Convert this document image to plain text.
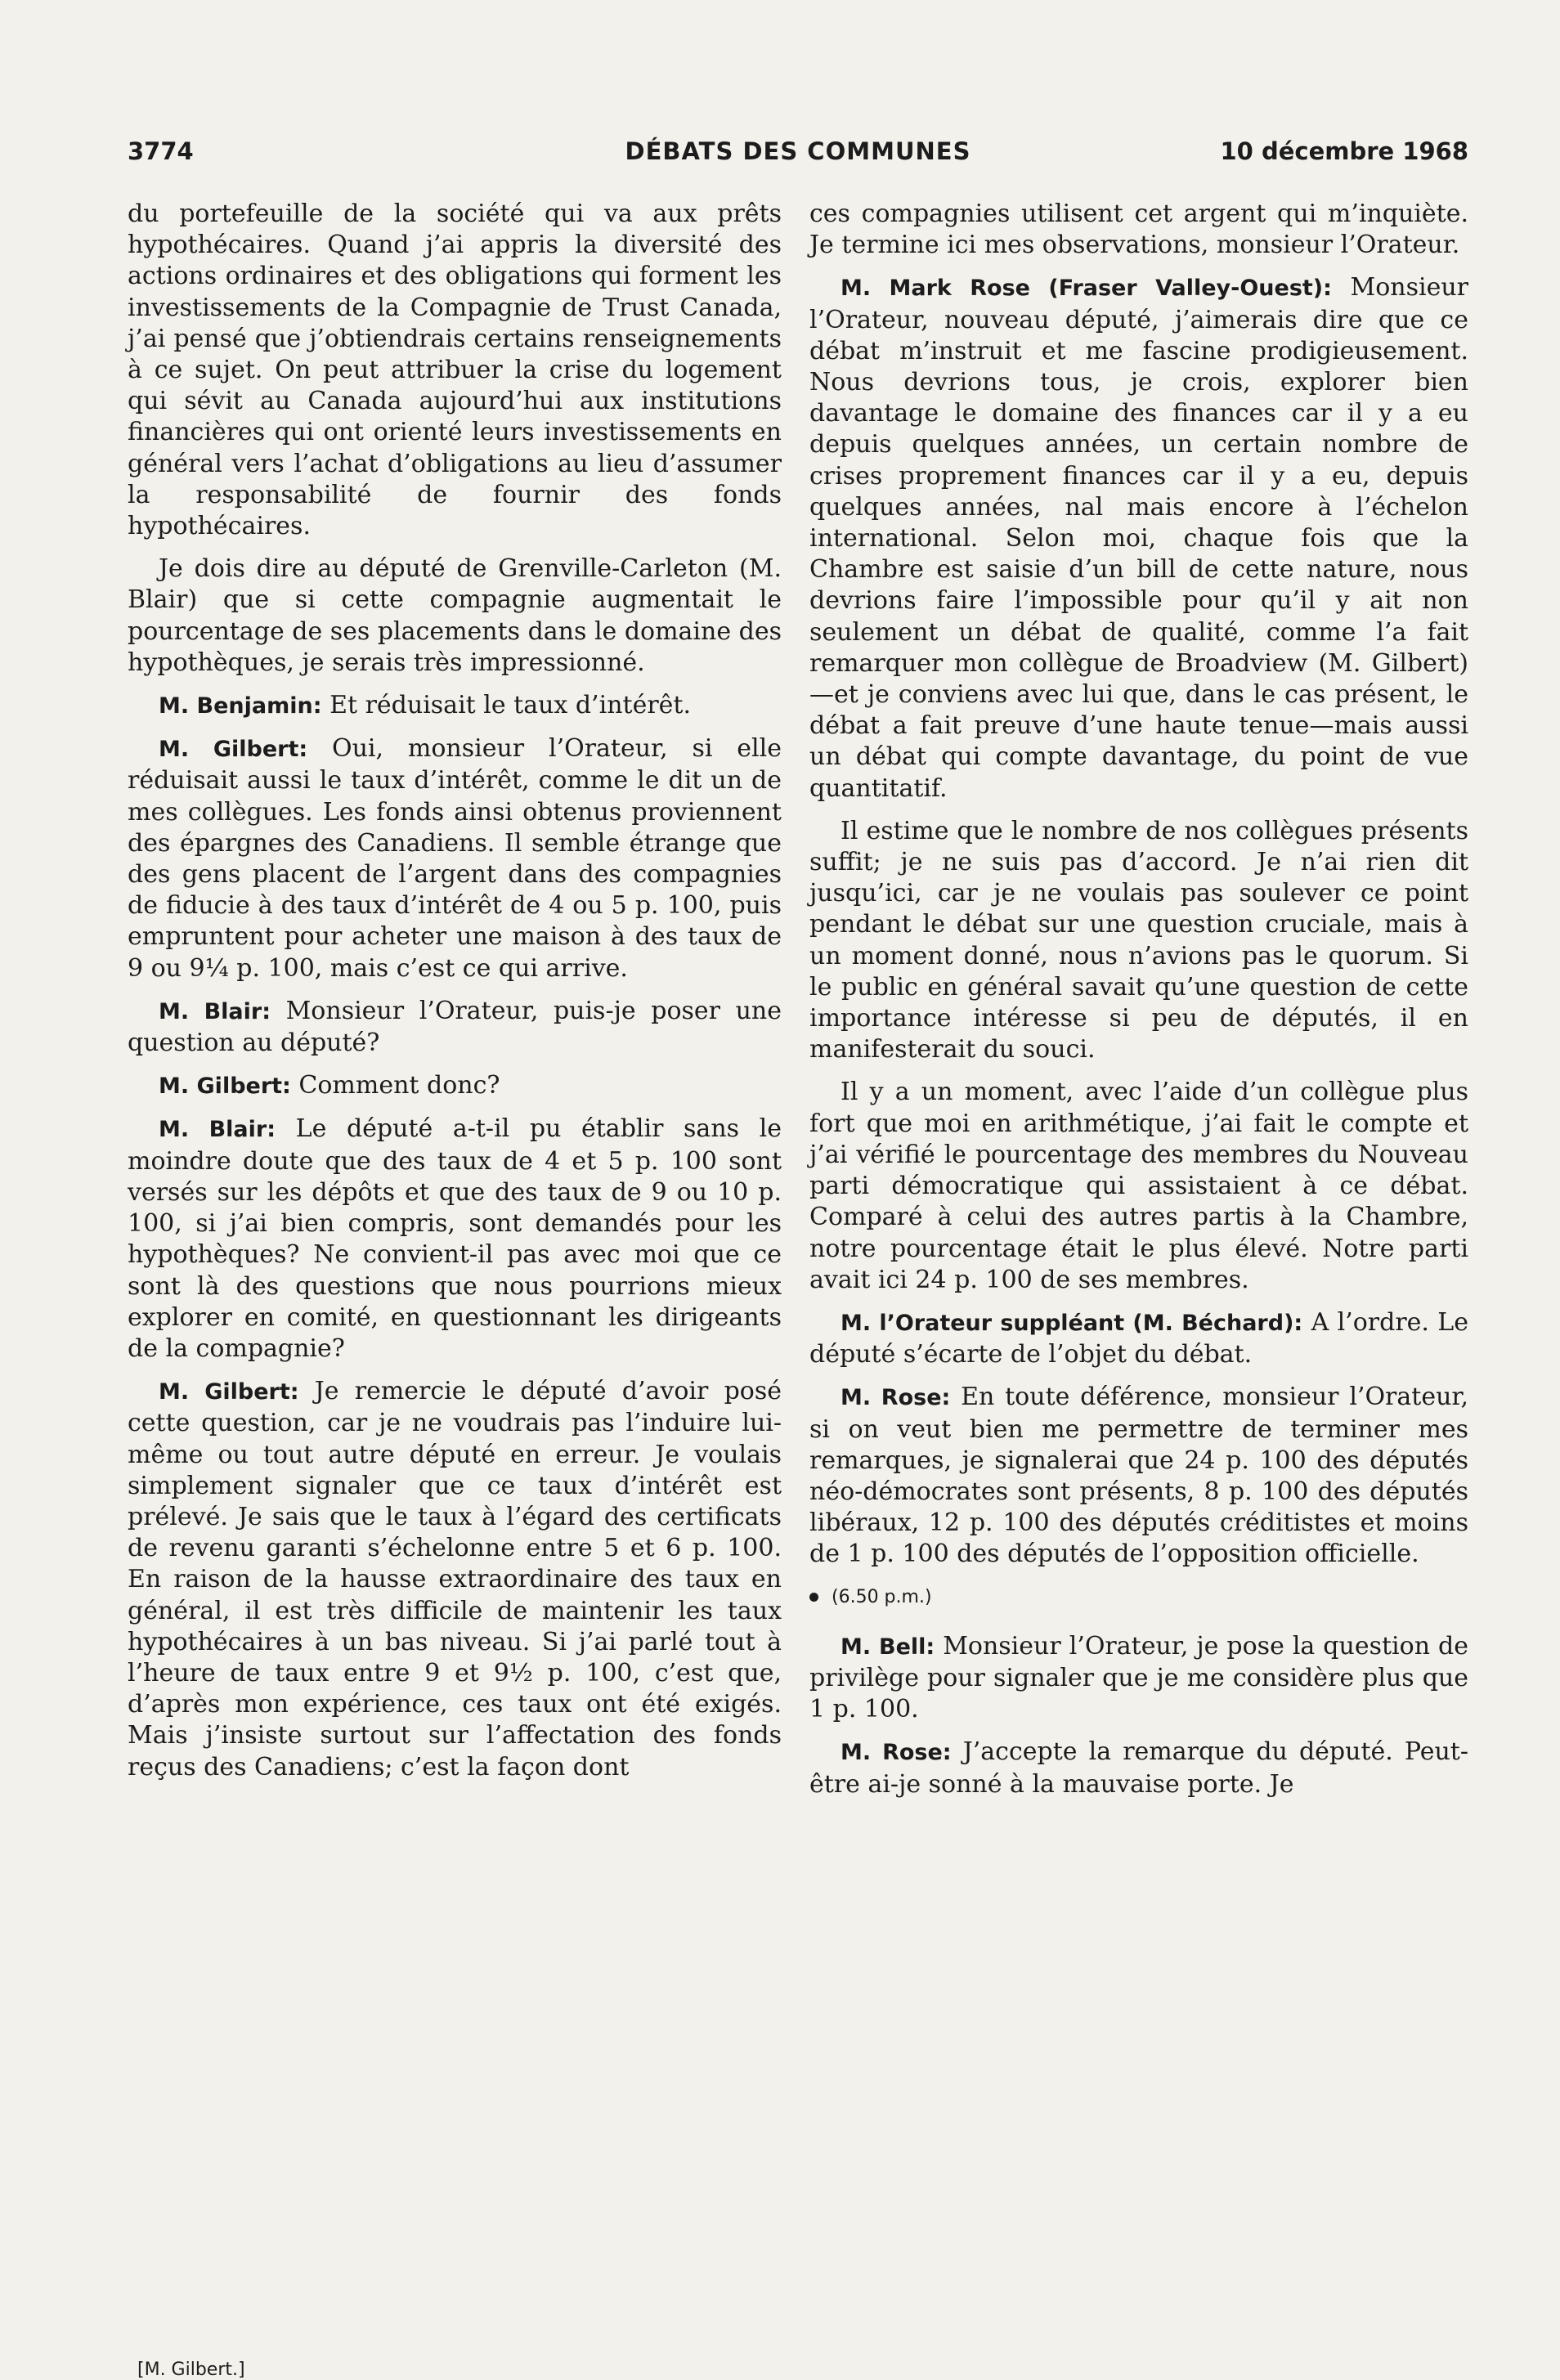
3774	DÉBATS DES COMMUNES	10 décembre 1968

du portefeuille de la société qui va aux prêts hypothécaires. Quand j’ai appris la diversité des actions ordinaires et des obligations qui forment les investissements de la Compagnie de Trust Canada, j’ai pensé que j’obtiendrais certains renseignements à ce sujet. On peut attribuer la crise du logement qui sévit au Canada aujourd’hui aux institutions financières qui ont orienté leurs investissements en général vers l’achat d’obligations au lieu d’assumer la responsabilité de fournir des fonds hypothécaires.

Je dois dire au député de Grenville-Carleton (M. Blair) que si cette compagnie augmentait le pourcentage de ses placements dans le domaine des hypothèques, je serais très impressionné.

M. Benjamin: Et réduisait le taux d’intérêt.

M. Gilbert: Oui, monsieur l’Orateur, si elle réduisait aussi le taux d’intérêt, comme le dit un de mes collègues. Les fonds ainsi obtenus proviennent des épargnes des Canadiens. Il semble étrange que des gens placent de l’argent dans des compagnies de fiducie à des taux d’intérêt de 4 ou 5 p. 100, puis empruntent pour acheter une maison à des taux de 9 ou 9¼ p. 100, mais c’est ce qui arrive.

M. Blair: Monsieur l’Orateur, puis-je poser une question au député?

M. Gilbert: Comment donc?

M. Blair: Le député a-t-il pu établir sans le moindre doute que des taux de 4 et 5 p. 100 sont versés sur les dépôts et que des taux de 9 ou 10 p. 100, si j’ai bien compris, sont demandés pour les hypothèques? Ne convient-il pas avec moi que ce sont là des questions que nous pourrions mieux explorer en comité, en questionnant les dirigeants de la compagnie?

M. Gilbert: Je remercie le député d’avoir posé cette question, car je ne voudrais pas l’induire lui-même ou tout autre député en erreur. Je voulais simplement signaler que ce taux d’intérêt est prélevé. Je sais que le taux à l’égard des certificats de revenu garanti s’échelonne entre 5 et 6 p. 100. En raison de la hausse extraordinaire des taux en général, il est très difficile de maintenir les taux hypothécaires à un bas niveau. Si j’ai parlé tout à l’heure de taux entre 9 et 9½ p. 100, c’est que, d’après mon expérience, ces taux ont été exigés. Mais j’insiste surtout sur l’affectation des fonds reçus des Canadiens; c’est la façon dont

ces compagnies utilisent cet argent qui m’inquiète. Je termine ici mes observations, monsieur l’Orateur.

M. Mark Rose (Fraser Valley-Ouest): Monsieur l’Orateur, nouveau député, j’aimerais dire que ce débat m’instruit et me fascine prodigieusement. Nous devrions tous, je crois, explorer bien davantage le domaine des finances car il y a eu depuis quelques années, un certain nombre de crises proprement finances car il y a eu, depuis quelques années, nal mais encore à l’échelon international. Selon moi, chaque fois que la Chambre est saisie d’un bill de cette nature, nous devrions faire l’impossible pour qu’il y ait non seulement un débat de qualité, comme l’a fait remarquer mon collègue de Broadview (M. Gilbert)—et je conviens avec lui que, dans le cas présent, le débat a fait preuve d’une haute tenue—mais aussi un débat qui compte davantage, du point de vue quantitatif.

Il estime que le nombre de nos collègues présents suffit; je ne suis pas d’accord. Je n’ai rien dit jusqu’ici, car je ne voulais pas soulever ce point pendant le débat sur une question cruciale, mais à un moment donné, nous n’avions pas le quorum. Si le public en général savait qu’une question de cette importance intéresse si peu de députés, il en manifesterait du souci.

Il y a un moment, avec l’aide d’un collègue plus fort que moi en arithmétique, j’ai fait le compte et j’ai vérifié le pourcentage des membres du Nouveau parti démocratique qui assistaient à ce débat. Comparé à celui des autres partis à la Chambre, notre pourcentage était le plus élevé. Notre parti avait ici 24 p. 100 de ses membres.

M. l’Orateur suppléant (M. Béchard): A l’ordre. Le député s’écarte de l’objet du débat.

M. Rose: En toute déférence, monsieur l’Orateur, si on veut bien me permettre de terminer mes remarques, je signalerai que 24 p. 100 des députés néo-démocrates sont présents, 8 p. 100 des députés libéraux, 12 p. 100 des députés créditistes et moins de 1 p. 100 des députés de l’opposition officielle.

(6.50 p.m.)

M. Bell: Monsieur l’Orateur, je pose la question de privilège pour signaler que je me considère plus que 1 p. 100.

M. Rose: J’accepte la remarque du député. Peut-être ai-je sonné à la mauvaise porte. Je

[M. Gilbert.]
